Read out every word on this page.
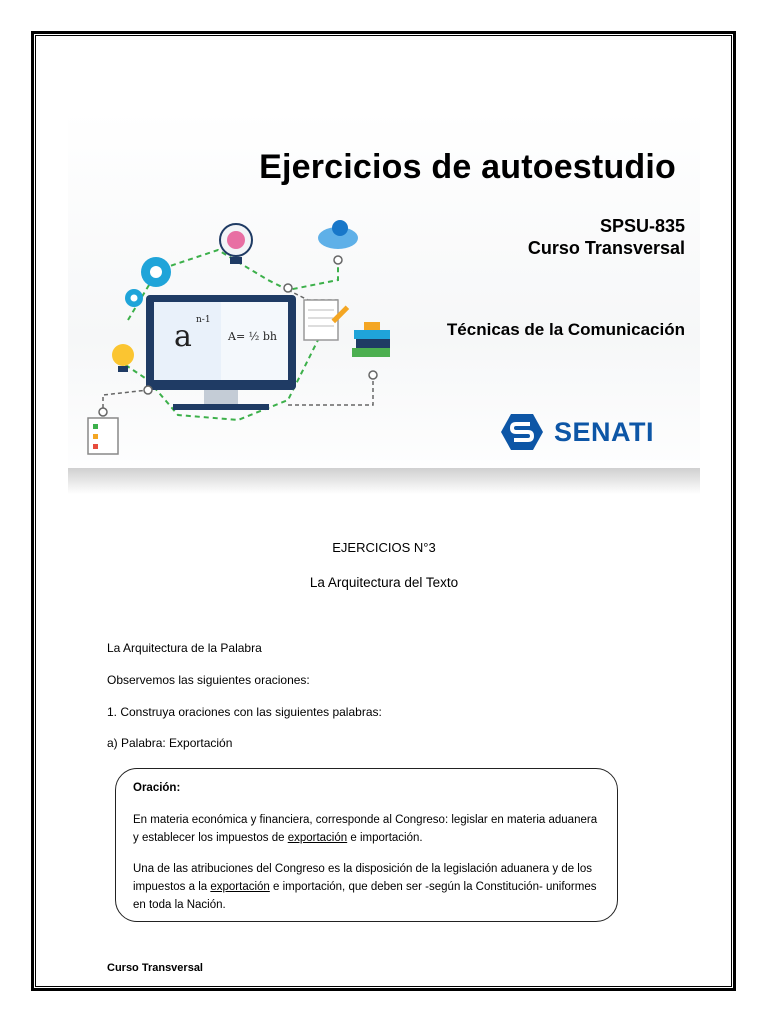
a n-1
A= ½ bh
Ejercicios de autoestudio
SPSU-835
Curso Transversal
Técnicas de la Comunicación
SENATI
EJERCICIOS N°3
La Arquitectura del Texto
La Arquitectura de la Palabra
Observemos las siguientes oraciones:
1. Construya oraciones con las siguientes palabras:
a) Palabra: Exportación
Oración:
En materia económica y financiera, corresponde al Congreso: legislar en materia aduanera y establecer los impuestos de exportación e importación.
Una de las atribuciones del Congreso es la disposición de la legislación aduanera y de los impuestos a la exportación e importación, que deben ser -según la Constitución- uniformes en toda la Nación.
Curso Transversal
